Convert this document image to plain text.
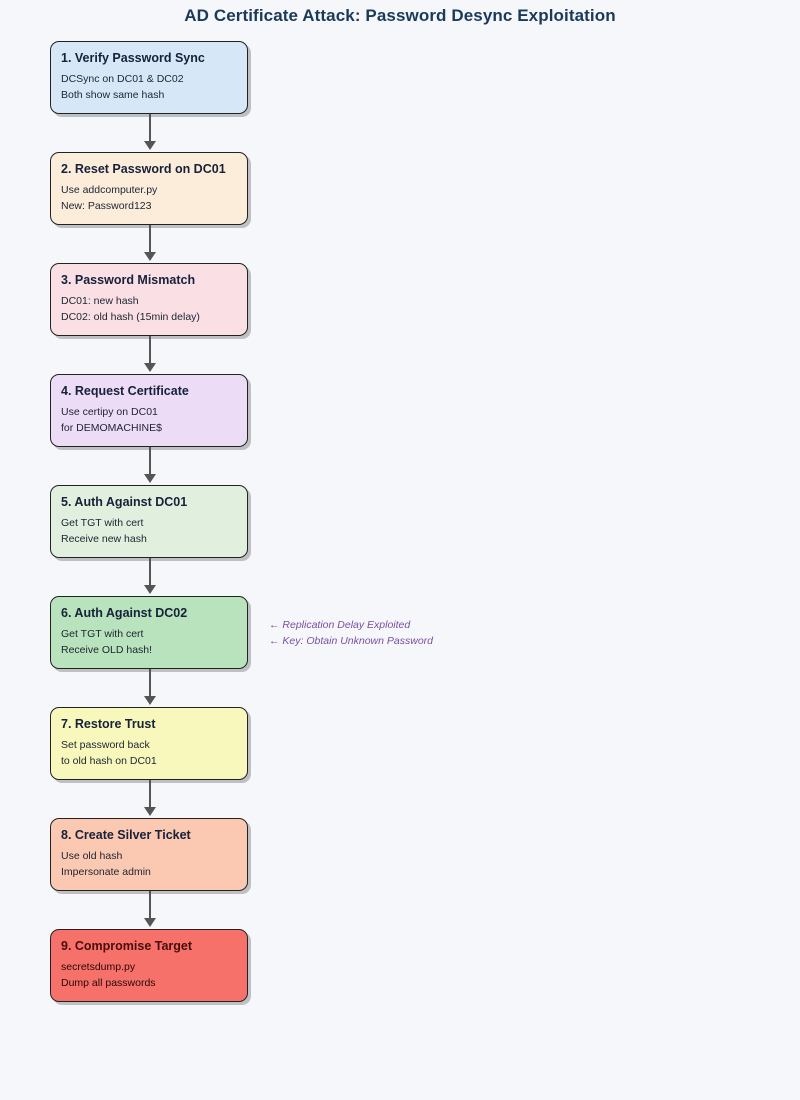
AD Certificate Attack: Password Desync Exploitation
1. Verify Password Sync
DCSync on DC01 & DC02
Both show same hash
2. Reset Password on DC01
Use addcomputer.py
New: Password123
3. Password Mismatch
DC01: new hash
DC02: old hash (15min delay)
4. Request Certificate
Use certipy on DC01
for DEMOMACHINE$
5. Auth Against DC01
Get TGT with cert
Receive new hash
6. Auth Against DC02
Get TGT with cert
Receive OLD hash!
7. Restore Trust
Set password back
to old hash on DC01
8. Create Silver Ticket
Use old hash
Impersonate admin
9. Compromise Target
secretsdump.py
Dump all passwords
← Replication Delay Exploited
← Key: Obtain Unknown Password
